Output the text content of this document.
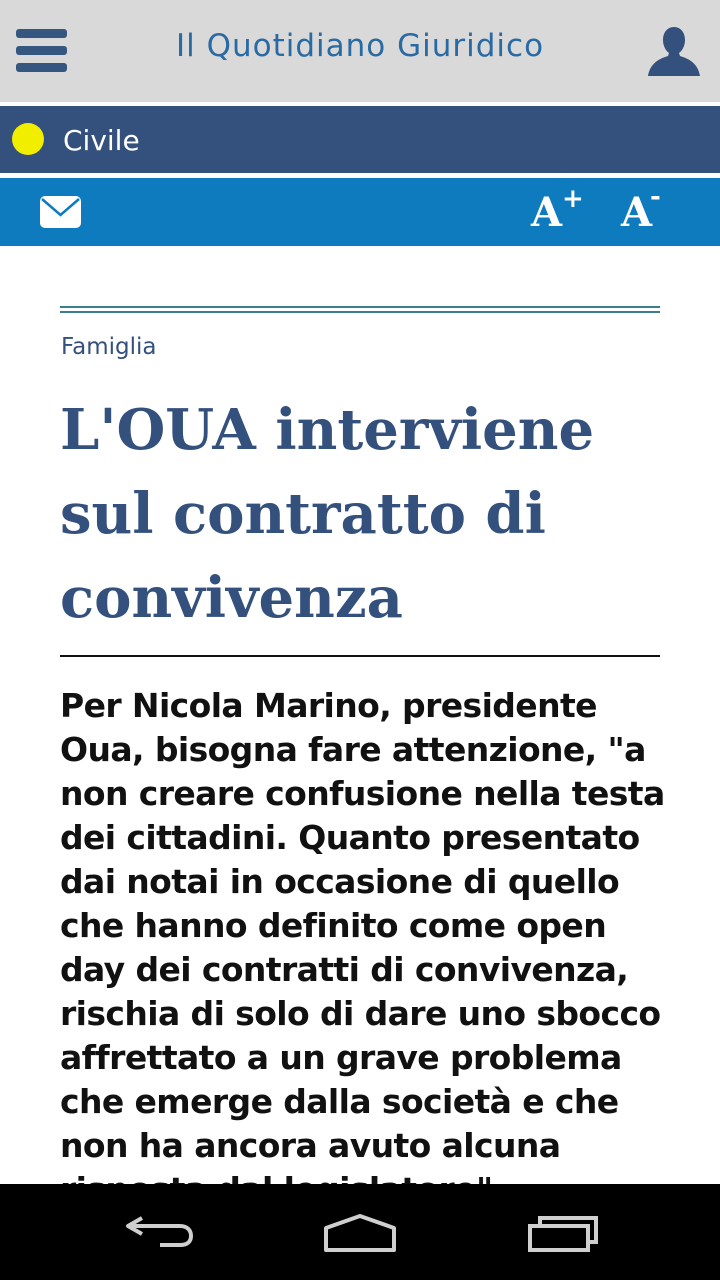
Il Quotidiano Giuridico
Civile
A + A
-
Famiglia
L'OUA interviene sul contratto di convivenza

Per Nicola Marino, presidente Oua, bisogna fare attenzione, "a non creare confusione nella testa dei cittadini. Quanto presentato dai notai in occasione di quello che hanno definito come open day dei contratti di convivenza, rischia di solo di dare uno sbocco affrettato a un grave problema che emerge dalla società e che non ha ancora avuto alcuna
